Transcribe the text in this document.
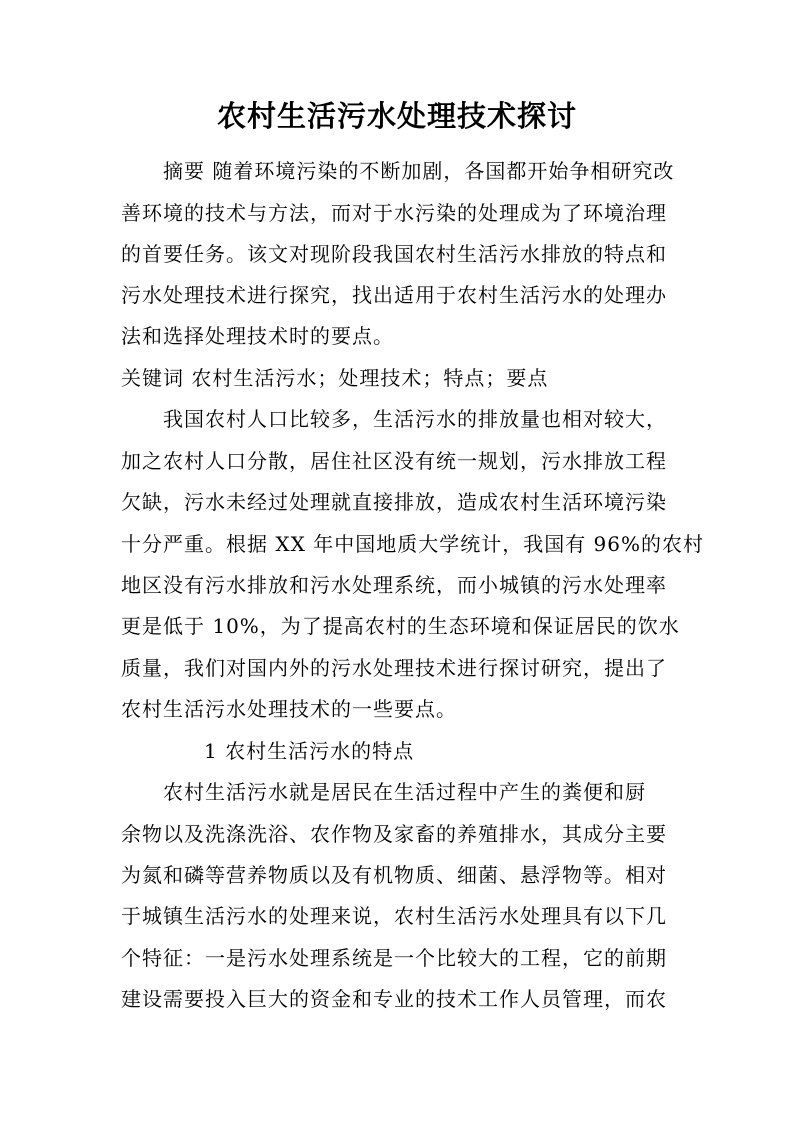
农村生活污水处理技术探讨
摘要 随着环境污染的不断加剧，各国都开始争相研究改
善环境的技术与方法，而对于水污染的处理成为了环境治理
的首要任务。该文对现阶段我国农村生活污水排放的特点和
污水处理技术进行探究，找出适用于农村生活污水的处理办
法和选择处理技术时的要点。
关键词 农村生活污水；处理技术；特点；要点
我国农村人口比较多，生活污水的排放量也相对较大，
加之农村人口分散，居住社区没有统一规划，污水排放工程
欠缺，污水未经过处理就直接排放，造成农村生活环境污染
十分严重。根据 XX 年中国地质大学统计，我国有 96%的农村
地区没有污水排放和污水处理系统，而小城镇的污水处理率
更是低于 10%，为了提高农村的生态环境和保证居民的饮水
质量，我们对国内外的污水处理技术进行探讨研究，提出了
农村生活污水处理技术的一些要点。
1 农村生活污水的特点
农村生活污水就是居民在生活过程中产生的粪便和厨
余物以及洗涤洗浴、农作物及家畜的养殖排水，其成分主要
为氮和磷等营养物质以及有机物质、细菌、悬浮物等。相对
于城镇生活污水的处理来说，农村生活污水处理具有以下几
个特征：一是污水处理系统是一个比较大的工程，它的前期
建设需要投入巨大的资金和专业的技术工作人员管理，而农
